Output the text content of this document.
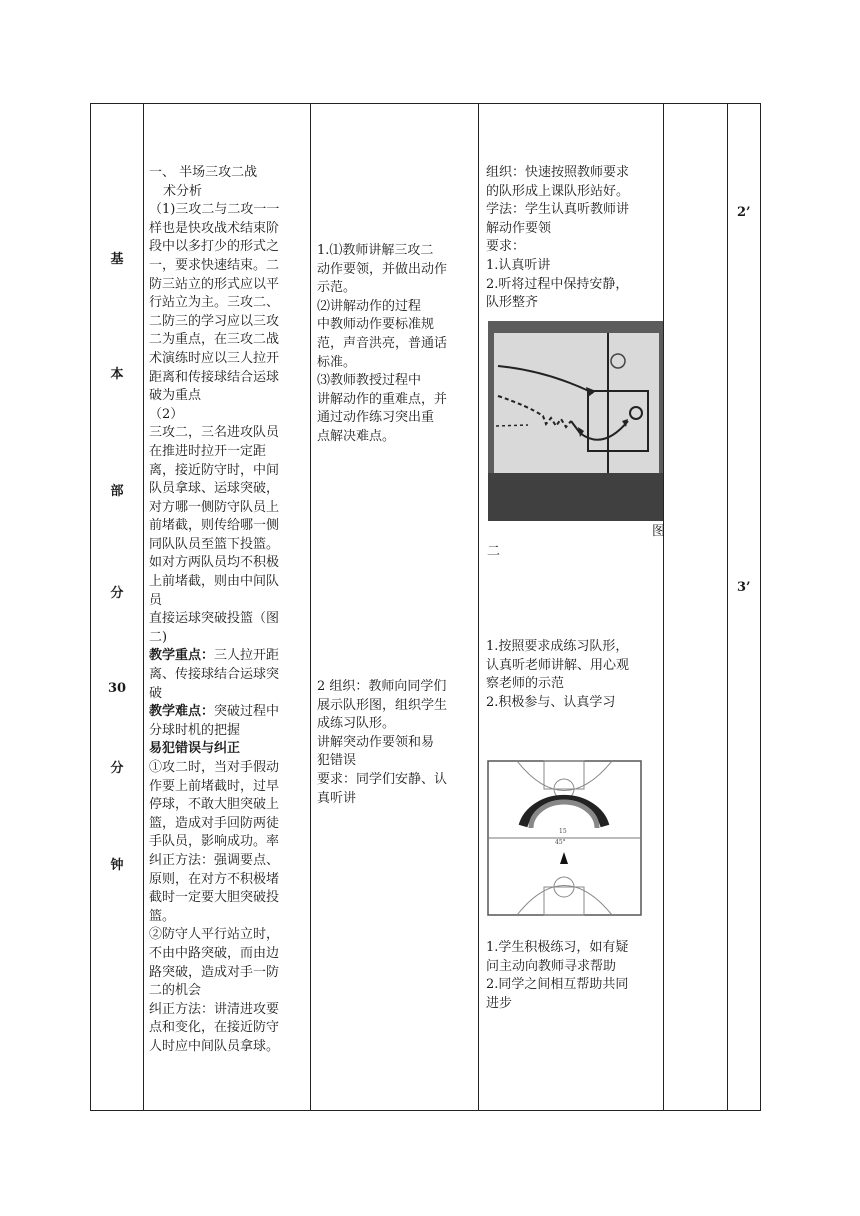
基
本
部
分
30
分
钟
一、 半场三攻二战
术分析
（1)三攻二与二攻一一
样也是快攻战术结束阶
段中以多打少的形式之
一，要求快速结束。二
防三站立的形式应以平
行站立为主。三攻二、
二防三的学习应以三攻
二为重点，在三攻二战
术演练时应以三人拉开
距离和传接球结合运球
破为重点
（2）
三攻二，三名进攻队员
在推进时拉开一定距
离，接近防守时，中间
队员拿球、运球突破，
对方哪一侧防守队员上
前堵截，则传给哪一侧
同队队员至篮下投篮。
如对方两队员均不积极
上前堵截，则由中间队
员
直接运球突破投篮（图
二)
教学重点：三人拉开距
离、传接球结合运球突
破
教学难点：突破过程中
分球时机的把握
易犯错误与纠正
①攻二时，当对手假动
作要上前堵截时，过早
停球，不敢大胆突破上
篮，造成对手回防两徒
手队员，影响成功。率
纠正方法：强调要点、
原则，在对方不积极堵
截时一定要大胆突破投
篮。
②防守人平行站立时，
不由中路突破，而由边
路突破，造成对手一防
二的机会
纠正方法：讲清进攻要
点和变化，在接近防守
人时应中间队员拿球。
1.⑴教师讲解三攻二
动作要领，并做出动作
示范。
⑵讲解动作的过程
中教师动作要标准规
范，声音洪亮，普通话
标准。
⑶教师教授过程中
讲解动作的重难点，并
通过动作练习突出重
点解决难点。
2 组织：教师向同学们
展示队形图，组织学生
成练习队形。
讲解突动作要领和易
犯错误
要求：同学们安静、认
真听讲
组织：快速按照教师要求
的队形成上课队形站好。
学法：学生认真听教师讲
解动作要领
要求：
1.认真听讲
2.听将过程中保持安静，
队形整齐
图
二
1.按照要求成练习队形，
认真听老师讲解、用心观
察老师的示范
2.积极参与、认真学习
15
45°
1.学生积极练习，如有疑
问主动向教师寻求帮助
2.同学之间相互帮助共同
进步
2’
3’
